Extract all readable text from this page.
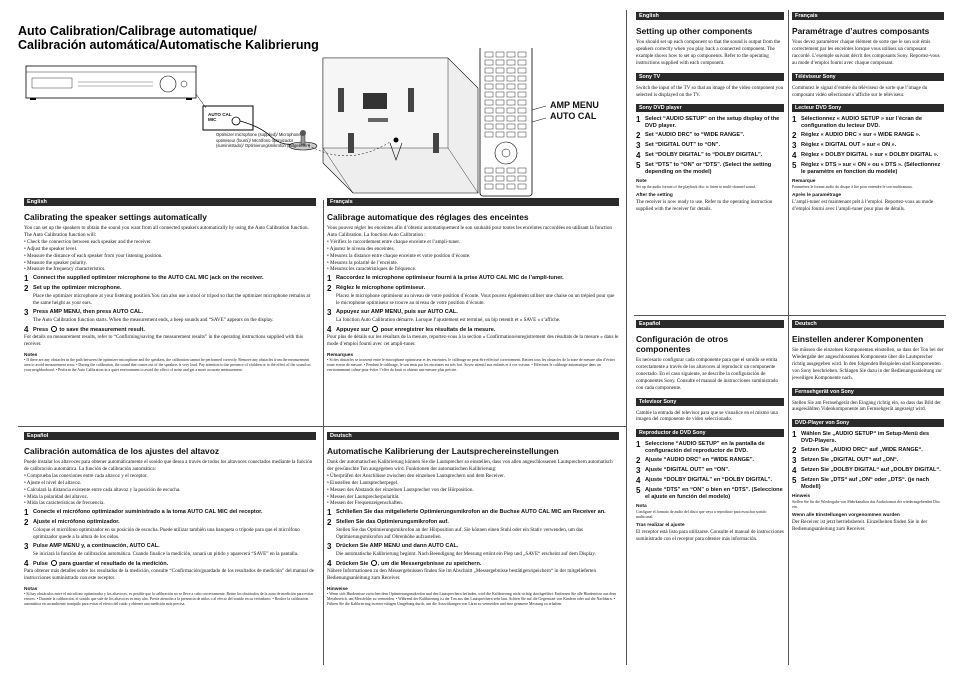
Auto Calibration/Calibrage automatique/
Calibración automática/Automatische Kalibrierung
AUTO CAL MIC
Optimizer microphone (supplied)/ Microphone optimiseur (fourni)/ Micrófono optimizador (suministrado)/ Optimierungsmikrofon (mitgeliefert)
AMP MENU
AUTO CAL
English
Calibrating the speaker settings automatically
You can set up the speakers to obtain the sound you want from all connected speakers automatically by using the Auto Calibration function. The Auto Calibration function will:
• Check the connection between each speaker and the receiver.
• Adjust the speaker level.
• Measure the distance of each speaker from your listening position.
• Measure the speaker polarity.
• Measure the frequency characteristics.
1 Connect the supplied optimizer microphone to the AUTO CAL MIC jack on the receiver.
2 Set up the optimizer microphone.
Place the optimizer microphone at your listening position.You can also use a stool or tripod so that the optimizer microphone remains at the same height as your ears.
3 Press AMP MENU, then press AUTO CAL.
The Auto Calibration function starts. When the measurement ends, a beep sounds and “SAVE” appears on the display.
4 Press to save the measurement result.
For details on measurement results, refer to “Confirming/saving the measurement results” in the operating instructions supplied with this receiver.
Notes
• If there are any obstacles in the path between the optimizer microphone and the speakers, the calibration cannot be performed correctly. Remove any obstacles from the measurement area to avoid measurement error. • During the calibration, the sound that comes out of the speakers is very loud. Pay attention to the presence of children or to the effect of the sound on your neighborhood. • Perform the Auto Calibration in a quiet environment to avoid the effect of noise and get a more accurate measurement.
Français
Calibrage automatique des réglages des enceintes
Vous pouvez régler les enceintes afin d’obtenir automatiquement le son souhaité pour toutes les enceintes raccordées en utilisant la fonction Auto Calibration. La fonction Auto Calibration :
• Vérifiez le raccordement entre chaque enceinte et l’ampli-tuner.
• Ajustez le niveau des enceintes.
• Mesurez la distance entre chaque enceinte et votre position d’écoute.
• Mesurez la polarité de l’enceinte.
• Mesurez les caractéristiques de fréquence.
1 Raccordez le microphone optimiseur fourni à la prise AUTO CAL MIC de l’ampli-tuner.
2 Réglez le microphone optimiseur.
Placez le microphone optimiseur au niveau de votre position d’écoute. Vous pouvez également utiliser une chaise ou un trépied pour que le microphone optimiseur se trouve au niveau de votre position d’écoute.
3 Appuyez sur AMP MENU, puis sur AUTO CAL.
La fonction Auto Calibration démarre. Lorsque l’ajustement est terminé, un bip retentit et « SAVE » s’affiche.
4 Appuyez sur pour enregistrer les résultats de la mesure.
Pour plus de détails sur les résultats de la mesure, reportez-vous à la section « Confirmation/enregistrement des résultats de la mesure » dans le mode d’emploi fourni avec cet ampli-tuner.
Remarques
• Si des obstacles se trouvent entre le microphone optimiseur et les enceintes, le calibrage ne peut être effectué correctement. Retirez tous les obstacles de la zone de mesure afin d’éviter toute erreur de mesure. • Pendant le calibrage, le son émis par les enceintes est très fort. Soyez attentif aux enfants et à vos voisins. • Effectuez le calibrage automatique dans un environnement calme pour éviter l’effet du bruit et obtenir une mesure plus précise.
Español
Calibración automática de los ajustes del altavoz
Puede instalar los altavoces para obtener automáticamente el sonido que desea a través de todos los altavoces conectados mediante la función de calibración automática. La función de calibración automática:
• Comprueba las conexiones entre cada altavoz y el receptor.
• Ajuste el nivel del altavoz.
• Calculará la distancia existente entre cada altavoz y la posición de escucha.
• Mida la polaridad del altavoz.
• Mida las características de frecuencia.
1 Conecte el micrófono optimizador suministrado a la toma AUTO CAL MIC del receptor.
2 Ajuste el micrófono optimizador.
Coloque el micrófono optimizador en su posición de escucha. Puede utilizar también una banqueta o trípode para que el micrófono optimizador quede a la altura de los oídos.
3 Pulse AMP MENU y, a continuación, AUTO CAL.
Se iniciará la función de calibración automática. Cuando finalice la medición, sonará un pitido y aparecerá “SAVE” en la pantalla.
4 Pulse para guardar el resultado de la medición.
Para obtener más detalles sobre los resultados de la medición, consulte “Confirmación/guardado de los resultados de medición” del manual de instrucciones suministrado con este receptor.
Notas
• Si hay obstáculos entre el micrófono optimizador y los altavoces, es posible que la calibración no se lleve a cabo correctamente. Retire los obstáculos de la zona de medición para evitar errores. • Durante la calibración, el sonido que sale de los altavoces es muy alto. Preste atención a la presencia de niños o al efecto del sonido en su vecindario. • Realice la calibración automática en un ambiente tranquilo para evitar el efecto del ruido y obtener una medición más precisa.
Deutsch
Automatische Kalibrierung der Lautsprechereinstellungen
Dank der automatischen Kalibrierung können Sie die Lautsprecher so einstellen, dass von allen angeschlossenen Lautsprechern automatisch der gewünschte Ton ausgegeben wird. Funktionen der automatischen Kalibrierung:
• Überprüfen der Anschlüsse zwischen den einzelnen Lautsprechern und dem Receiver.
• Einstellen der Lautsprecherpegel.
• Messen des Abstands der einzelnen Lautsprecher von der Hörposition.
• Messen der Lautsprecherpolarität.
• Messen der Frequenzeigenschaften.
1 Schließen Sie das mitgelieferte Optimierungsmikrofon an die Buchse AUTO CAL MIC am Receiver an.
2 Stellen Sie das Optimierungsmikrofon auf.
Stellen Sie das Optimierungsmikrofon an der Hörposition auf. Sie können einen Stuhl oder ein Stativ verwenden, um das Optimierungsmikrofon auf Ohrenhöhe aufzustellen.
3 Drücken Sie AMP MENU und dann AUTO CAL.
Die automatische Kalibrierung beginnt. Nach Beendigung der Messung ertönt ein Piep und „SAVE“ erscheint auf dem Display.
4 Drücken Sie , um die Messergebnisse zu speichern.
Nähere Informationen zu den Messergebnissen finden Sie im Abschnitt „Messergebnisse bestätigen/speichern“ in der mitgelieferten Bedienungsanleitung zum Receiver.
Hinweise
• Wenn sich Hindernisse zwischen dem Optimierungsmikrofon und den Lautsprechern befinden, wird die Kalibrierung nicht richtig durchgeführt. Entfernen Sie alle Hindernisse aus dem Messbereich, um Messfehler zu vermeiden. • Während der Kalibrierung ist der Ton aus den Lautsprechern sehr laut. Achten Sie auf die Gegenwart von Kindern oder auf die Nachbarn. • Führen Sie die Kalibrierung in einer ruhigen Umgebung durch, um die Auswirkungen von Lärm zu vermeiden und eine genauere Messung zu erhalten.
English
Setting up other components
You should set up each component so that the sound is output from the speakers correctly when you play back a connected component. The example shows how to set up components. Refer to the operating instructions supplied with each component.
Sony TV
Switch the input of the TV so that an image of the video component you selected is displayed on the TV.
Sony DVD player
1 Select “AUDIO SETUP” on the setup display of the DVD player.
2 Set “AUDIO DRC” to “WIDE RANGE”.
3 Set “DIGITAL OUT” to “ON”.
4 Set “DOLBY DIGITAL” to “DOLBY DIGITAL”.
5 Set “DTS” to “ON” or “DTS”. (Select the setting depending on the model)
Note
Set up the audio format of the playback disc to listen to multi-channel sound.
After the setting
The receiver is now ready to use. Refer to the operating instruction supplied with the receiver for details.
Français
Paramétrage d’autres composants
Vous devez paramétrer chaque élément de sorte que le son soit émis correctement par les enceintes lorsque vous utilisez un composant raccordé. L’exemple suivant décrit des composants Sony. Reportez-vous au mode d’emploi fourni avec chaque composant.
Téléviseur Sony
Commutez le signal d’entrée du téléviseur de sorte que l’image du composant vidéo sélectionné s’affiche sur le téléviseur.
Lecteur DVD Sony
1 Sélectionnez « AUDIO SETUP » sur l’écran de configuration du lecteur DVD.
2 Réglez « AUDIO DRC » sur « WIDE RANGE ».
3 Réglez « DIGITAL OUT » sur « ON ».
4 Réglez « DOLBY DIGITAL » sur « DOLBY DIGITAL ».
5 Réglez « DTS » sur « ON » ou « DTS ». (Sélectionnez le paramètre en fonction du modèle)
Remarque
Paramétrez le format audio du disque à lire pour entendre le son multicanaux.
Après le paramétrage
L’ampli-tuner est maintenant prêt à l’emploi. Reportez-vous au mode d’emploi fourni avec l’ampli-tuner pour plus de détails.
Español
Configuración de otros componentes
Es necesario configurar cada componente para que el sonido se emita correctamente a través de los altavoces al reproducir un componente conectado. En el caso siguiente, se describe la configuración de componentes Sony. Consulte el manual de instrucciones suministrado con cada componente.
Televisor Sony
Cambie la entrada del televisor para que se visualice en el mismo una imagen del componente de vídeo seleccionado.
Reproductor de DVD Sony
1 Seleccione “AUDIO SETUP” en la pantalla de configuración del reproductor de DVD.
2 Ajuste “AUDIO DRC” en “WIDE RANGE”.
3 Ajuste “DIGITAL OUT” en “ON”.
4 Ajuste “DOLBY DIGITAL” en “DOLBY DIGITAL”.
5 Ajuste “DTS” en “ON” o bien en “DTS”. (Seleccione el ajuste en función del modelo)
Nota
Configure el formato de audio del disco que vaya a reproducir para escuchar sonido multicanal.
Tras realizar el ajuste
El receptor está listo para utilizarse. Consulte el manual de instrucciones suministrado con el receptor para obtener más información.
Deutsch
Einstellen anderer Komponenten
Sie müssen die einzelnen Komponenten einstellen, so dass der Ton bei der Wiedergabe der angeschlossenen Komponente über die Lautsprecher richtig ausgegeben wird. In den folgenden Beispielen sind Komponenten von Sony beschrieben. Schlagen Sie dazu in der Bedienungsanleitung zur jeweiligen Komponente nach.
Fernsehgerät von Sony
Stellen Sie am Fernsehgerät den Eingang richtig ein, so dass das Bild der ausgewählten Videokomponente am Fernsehgerät angezeigt wird.
DVD-Player von Sony
1 Wählen Sie „AUDIO SETUP“ im Setup-Menü des DVD-Players.
2 Setzen Sie „AUDIO DRC“ auf „WIDE RANGE“.
3 Setzen Sie „DIGITAL OUT“ auf „ON“.
4 Setzen Sie „DOLBY DIGITAL“ auf „DOLBY DIGITAL“.
5 Setzen Sie „DTS“ auf „ON“ oder „DTS“. (je nach Modell)
Hinweis
Stellen Sie für die Wiedergabe von Mehrkanalton das Audioformat der wiederzugebenden Disc ein.
Wenn alle Einstellungen vorgenommen wurden
Der Receiver ist jetzt betriebsbereit. Einzelheiten finden Sie in der Bedienungsanleitung zum Receiver.
